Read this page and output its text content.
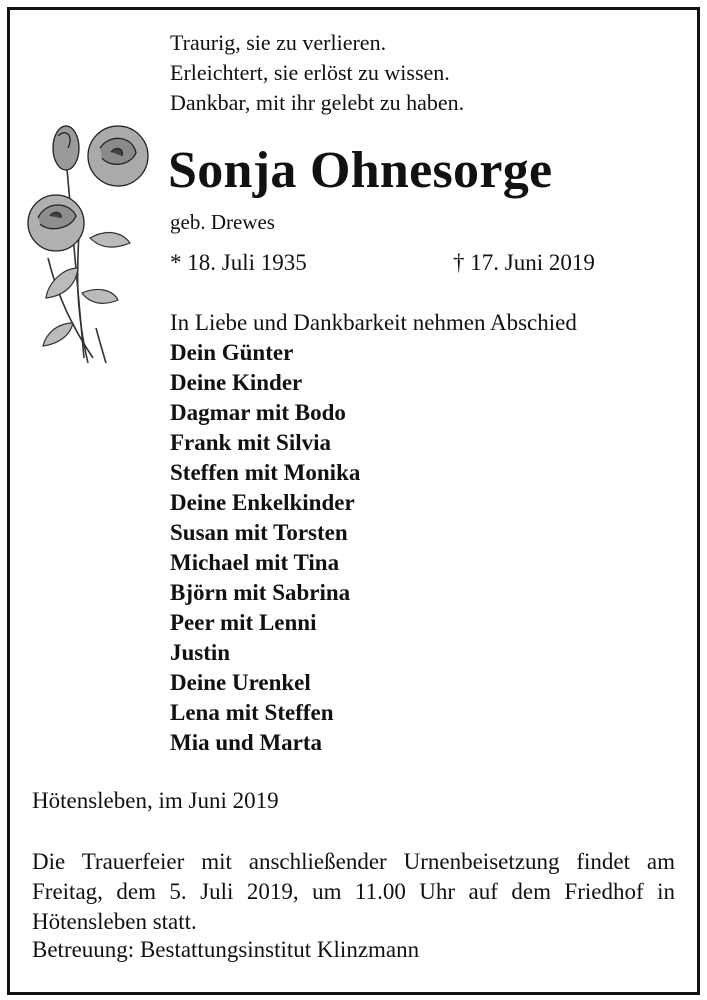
Traurig, sie zu verlieren.
Erleichtert, sie erlöst zu wissen.
Dankbar, mit ihr gelebt zu haben.
Sonja Ohnesorge
geb. Drewes
* 18. Juli 1935	† 17. Juni 2019
In Liebe und Dankbarkeit nehmen Abschied
Dein Günter
Deine Kinder
Dagmar mit Bodo
Frank mit Silvia
Steffen mit Monika
Deine Enkelkinder
Susan mit Torsten
Michael mit Tina
Björn mit Sabrina
Peer mit Lenni
Justin
Deine Urenkel
Lena mit Steffen
Mia und Marta
Hötensleben, im Juni 2019
Die Trauerfeier mit anschließender Urnenbeisetzung findet am Freitag, dem 5. Juli 2019, um 11.00 Uhr auf dem Friedhof in Hötensleben statt.
Betreuung: Bestattungsinstitut Klinzmann
